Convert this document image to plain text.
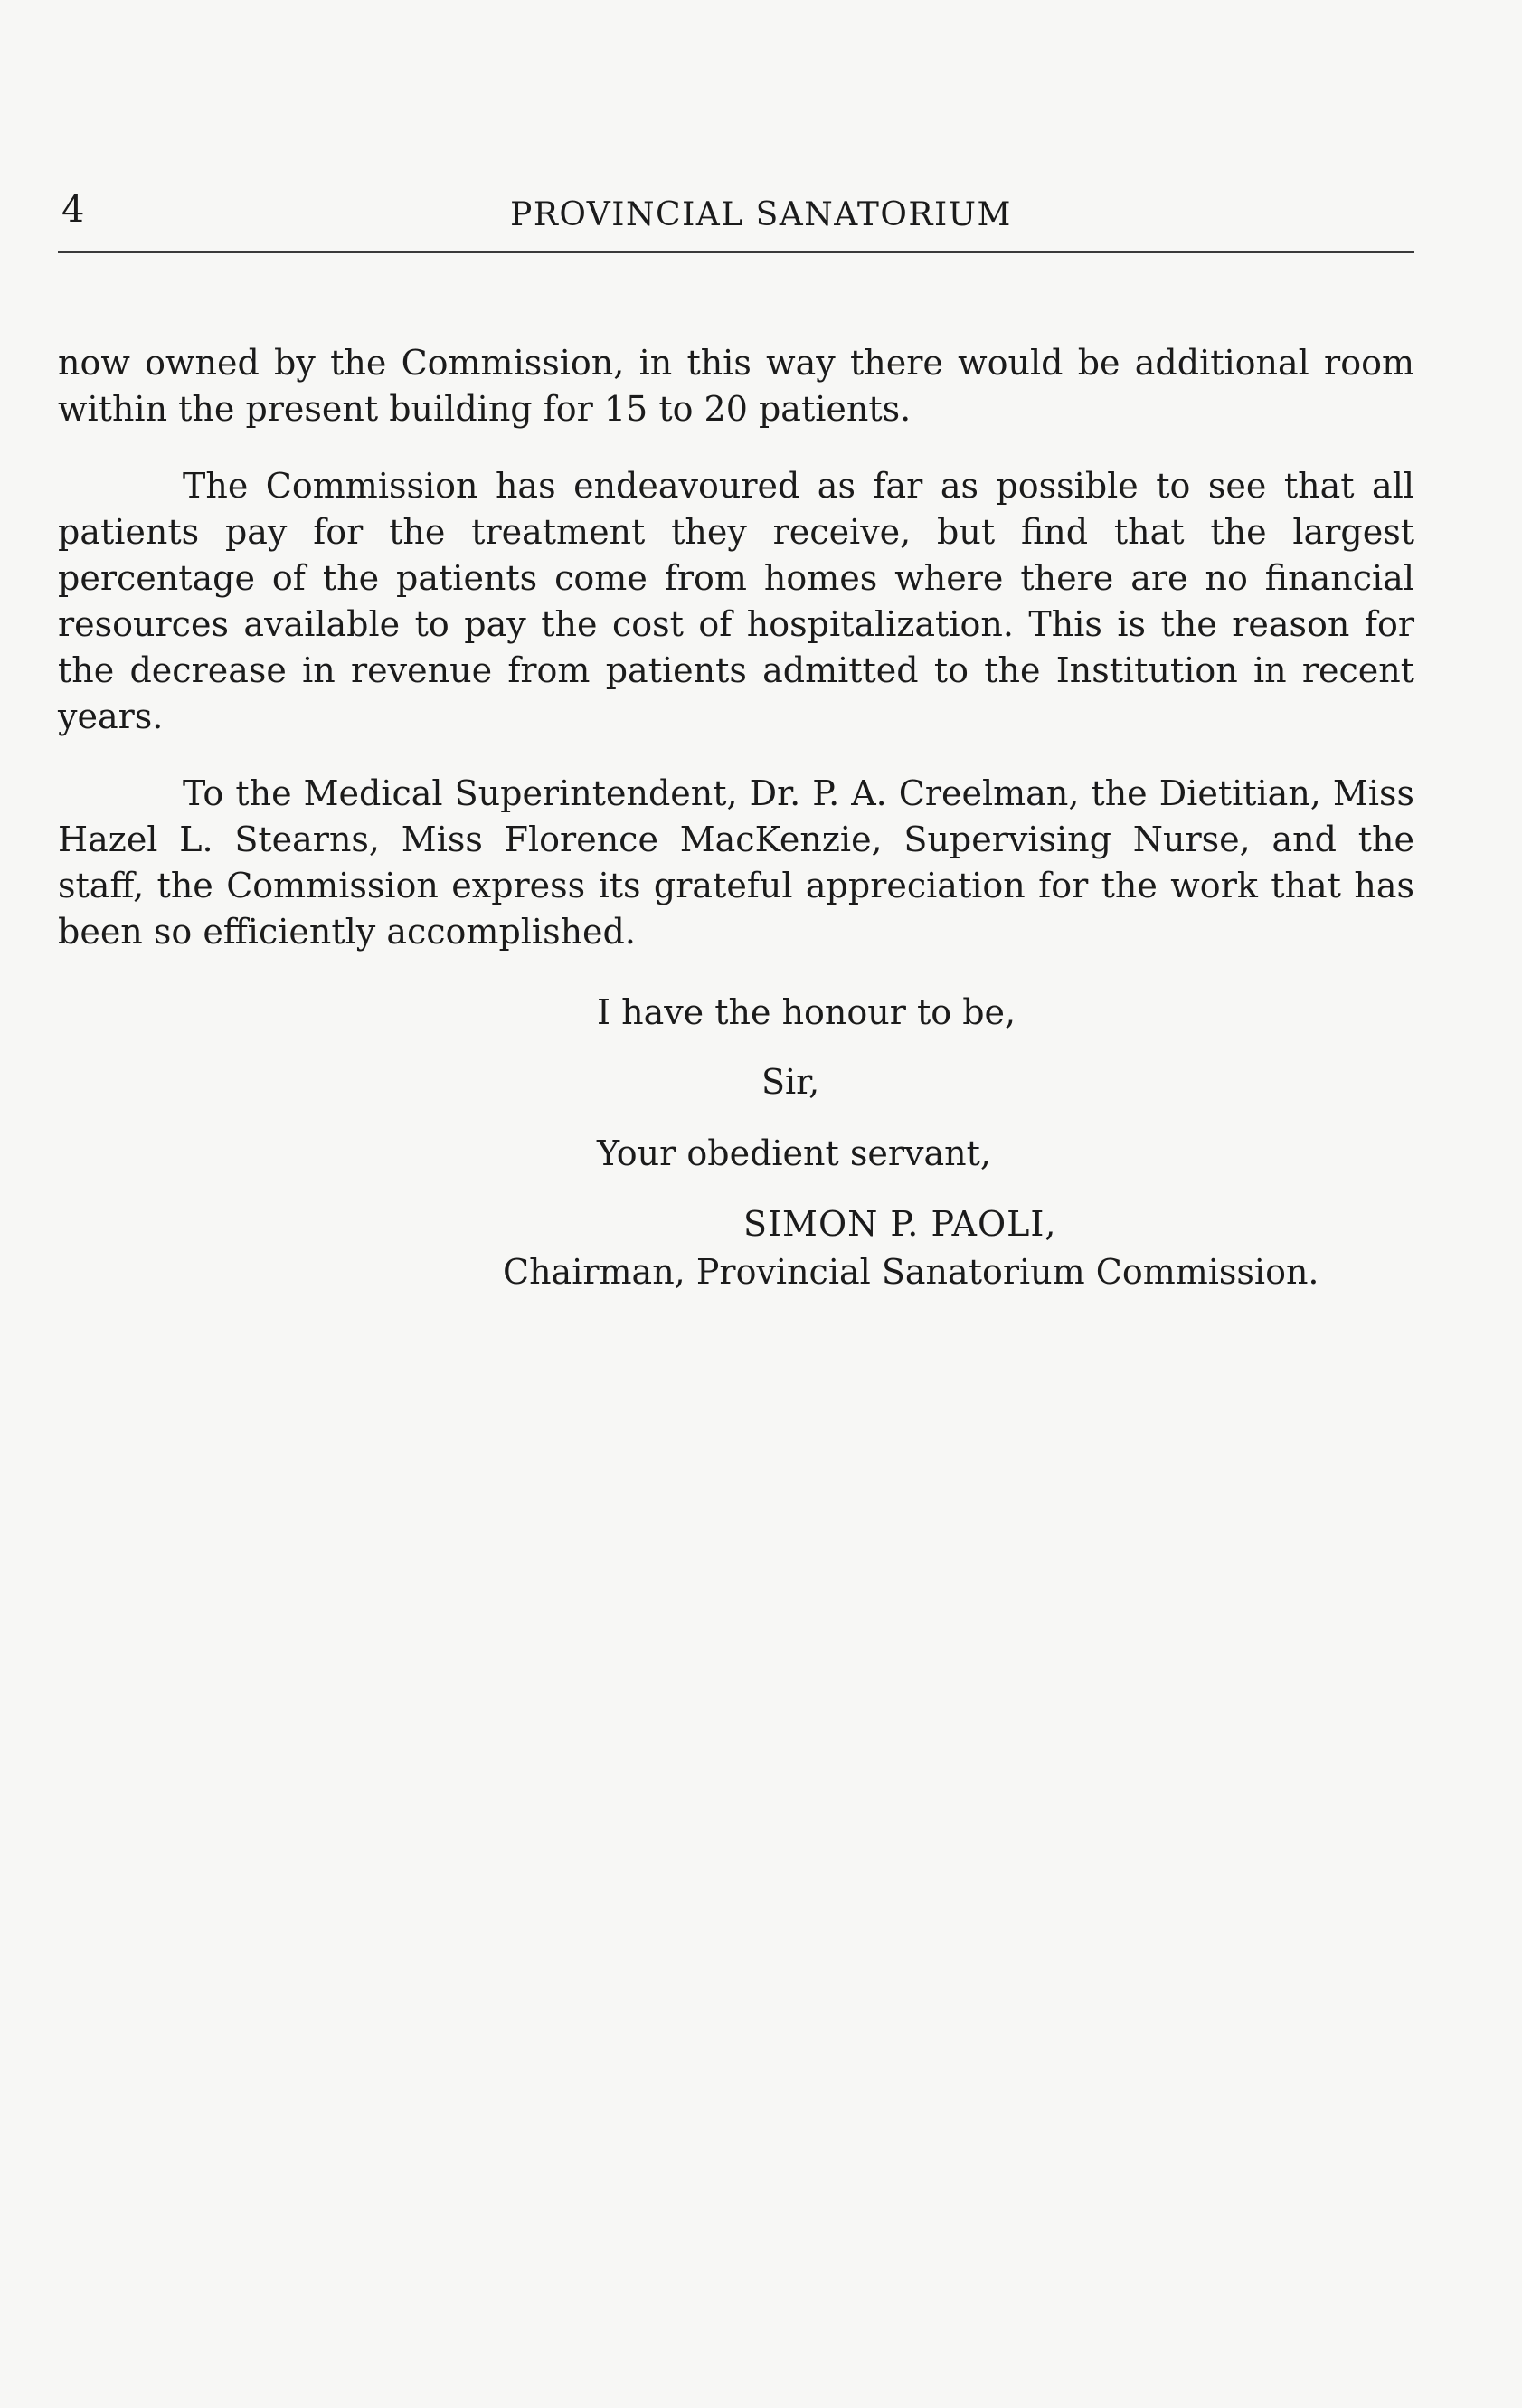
4	PROVINCIAL SANATORIUM

now owned by the Commission, in this way there would be additional room within the present building for 15 to 20 patients.

The Commission has endeavoured as far as possible to see that all patients pay for the treatment they receive, but find that the largest percentage of the patients come from homes where there are no financial resources available to pay the cost of hospitalization. This is the reason for the decrease in revenue from patients admitted to the Institution in recent years.

To the Medical Superintendent, Dr. P. A. Creelman, the Dietitian, Miss Hazel L. Stearns, Miss Florence MacKenzie, Supervising Nurse, and the staff, the Commission express its grateful appreciation for the work that has been so efficiently accomplished.

I have the honour to be,
Sir,
Your obedient servant,
SIMON P. PAOLI,
Chairman, Provincial Sanatorium Commission.
